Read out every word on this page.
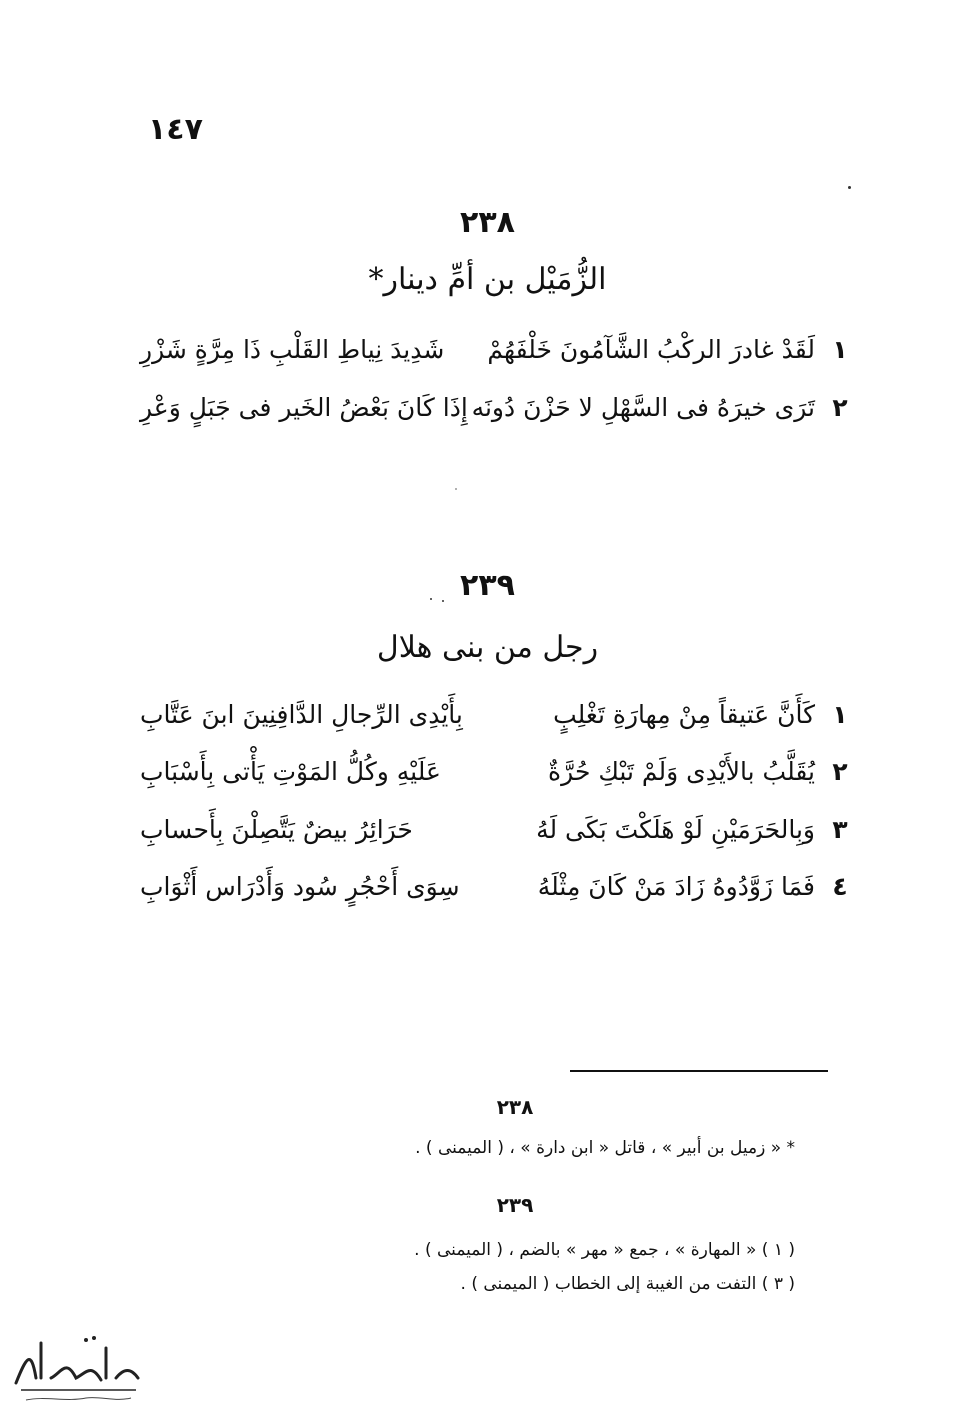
١٤٧
٢٣٨
الزُّمَيْل بن أمِّ دينار*
١
لَقَدْ غادرَ الركْبُ الشَّآمُونَ خَلْفَهُمْ
شَدِيدَ نِياطِ القَلْبِ ذَا مِرَّةٍ شَزْرِ
٢
تَرَى خيرَهُ فى السَّهْلِ لا حَزْنَ دُونَه
إِذَا كَانَ بَعْضُ الخَير فى جَبَلٍ وَعْرِ
٢٣٩
رجل من بنى هلال
١
كَأَنَّ عَتيقاً مِنْ مِهارَةِ تَغْلِبٍ
بِأَيْدِى الرِّجالِ الدَّافِنِينَ ابنَ عَتَّابِ
٢
يُقَلَّبُ بالأَيْدِى وَلَمْ تَبْكِ حُرَّةٌ
عَلَيْهِ وكُلُّ المَوْتِ يَأْتى بِأَسْبَابِ
٣
وَبِالحَرَمَيْنِ لَوْ هَلَكْتَ بَكَى لَهُ
حَرَائِرُ بيضٌ يَتَّصِلْنَ بِأَحسابِ
٤
فَمَا زَوَّدُوهُ زَادَ مَنْ كَانَ مِثْلَهُ
سِوَى أَحْجُرٍ سُود وَأَدْرَاس أَثْوَابِ
٢٣٨
* « زميل بن أبير » ، قاتل « ابن دارة » ، ( الميمنى ) .
٢٣٩
( ١ ) « المهارة » ، جمع « مهر » بالضم ، ( الميمنى ) .
( ٣ ) التفت من الغيبة إلى الخطاب ( الميمنى ) .
